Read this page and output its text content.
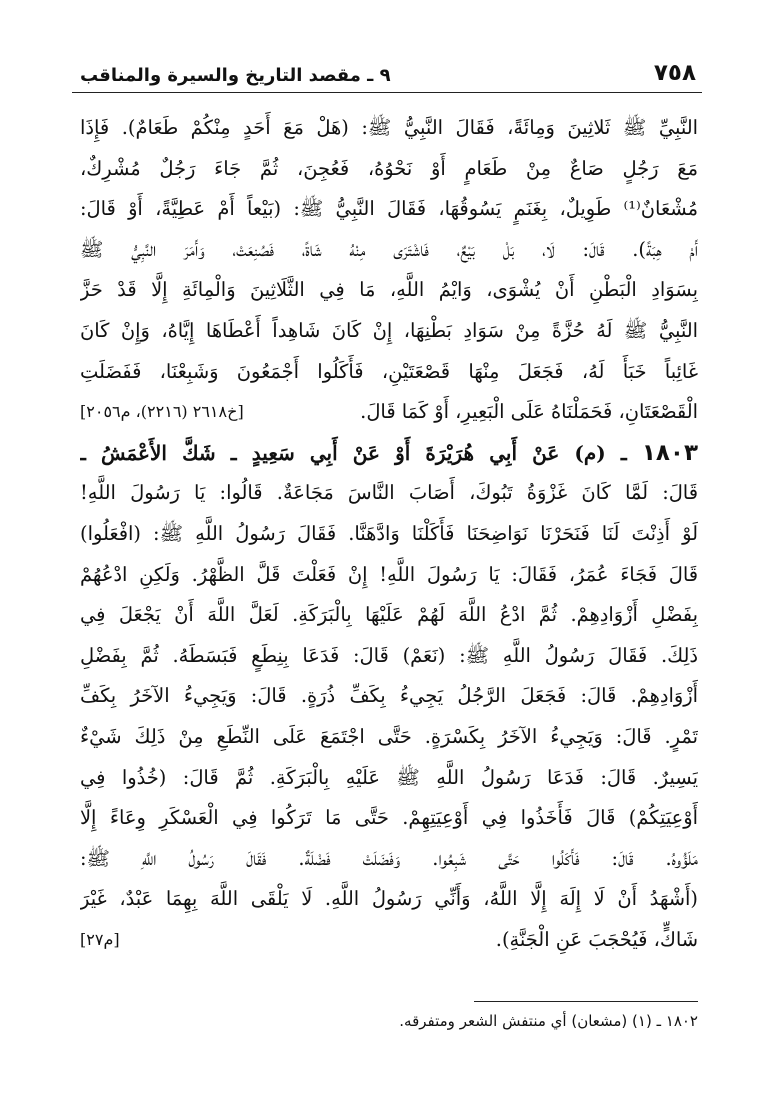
٧٥٨
٩ ـ مقصد التاريخ والسيرة والمناقب
النَّبِيِّ ﷺ ثَلاثِينَ وَمِائَةً، فَقَالَ النَّبِيُّ ﷺ: (هَلْ مَعَ أَحَدٍ مِنْكُمْ طَعَامٌ). فَإِذَا
مَعَ رَجُلٍ صَاعٌ مِنْ طَعَامٍ أَوْ نَحْوُهُ، فَعُجِنَ، ثُمَّ جَاءَ رَجُلٌ مُشْرِكٌ،
مُشْعَانٌ⁽¹⁾ طَوِيلٌ، بِغَنَمٍ يَسُوقُهَا، فَقَالَ النَّبِيُّ ﷺ: (بَيْعاً أَمْ عَطِيَّةً، أَوْ قَالَ:
أَمْ هِبَةً). قَالَ: لَا، بَلْ بَيْعٌ، فَاشْتَرَى مِنْهُ شَاةً، فَصُنِعَتْ، وَأَمَرَ النَّبِيُّ ﷺ
بِسَوَادِ الْبَطْنِ أَنْ يُشْوَى، وَايْمُ اللَّهِ، مَا فِي الثَّلَاثِينَ وَالْمِائَةِ إِلَّا قَدْ حَزَّ
النَّبِيُّ ﷺ لَهُ حُزَّةً مِنْ سَوَادِ بَطْنِهَا، إِنْ كَانَ شَاهِداً أَعْطَاهَا إِيَّاهُ، وَإِنْ كَانَ
غَائِباً خَبَأَ لَهُ، فَجَعَلَ مِنْهَا قَصْعَتَيْنِ، فَأَكَلُوا أَجْمَعُونَ وَشَبِعْنَا، فَفَضَلَتِ
الْقَصْعَتَانِ، فَحَمَلْنَاهُ عَلَى الْبَعِيرِ، أَوْ كَمَا قَالَ.
[خ٢٦١٨ (٢٢١٦)، م٢٠٥٦]
١٨٠٣ ـ (م) عَنْ أَبِي هُرَيْرَةَ أَوْ عَنْ أَبِي سَعِيدٍ ـ شَكَّ الأَعْمَشُ ـ
قَالَ: لَمَّا كَانَ غَزْوَةُ تَبُوكَ، أَصَابَ النَّاسَ مَجَاعَةٌ. قَالُوا: يَا رَسُولَ اللَّهِ!
لَوْ أَذِنْتَ لَنَا فَنَحَرْنَا نَوَاضِحَنَا فَأَكَلْنَا وَادَّهَنَّا. فَقَالَ رَسُولُ اللَّهِ ﷺ: (افْعَلُوا)
قَالَ فَجَاءَ عُمَرُ، فَقَالَ: يَا رَسُولَ اللَّهِ! إِنْ فَعَلْتَ قَلَّ الظَّهْرُ. وَلَكِنِ ادْعُهُمْ
بِفَضْلِ أَزْوَادِهِمْ. ثُمَّ ادْعُ اللَّهَ لَهُمْ عَلَيْهَا بِالْبَرَكَةِ. لَعَلَّ اللَّهَ أَنْ يَجْعَلَ فِي
ذَلِكَ. فَقَالَ رَسُولُ اللَّهِ ﷺ: (نَعَمْ) قَالَ: فَدَعَا بِنِطَعٍ فَبَسَطَهُ. ثُمَّ بِفَضْلِ
أَزْوَادِهِمْ. قَالَ: فَجَعَلَ الرَّجُلُ يَجِيءُ بِكَفِّ ذُرَةٍ. قَالَ: وَيَجِيءُ الآخَرُ بِكَفِّ
تَمْرٍ. قَالَ: وَيَجِيءُ الآخَرُ بِكَسْرَةٍ. حَتَّى اجْتَمَعَ عَلَى النِّطَعِ مِنْ ذَلِكَ شَيْءٌ
يَسِيرٌ. قَالَ: فَدَعَا رَسُولُ اللَّهِ ﷺ عَلَيْهِ بِالْبَرَكَةِ. ثُمَّ قَالَ: (خُذُوا فِي
أَوْعِيَتِكُمْ) قَالَ فَأَخَذُوا فِي أَوْعِيَتِهِمْ. حَتَّى مَا تَرَكُوا فِي الْعَسْكَرِ وِعَاءً إِلَّا
مَلَؤُوهُ. قَالَ: فَأَكَلُوا حَتَّى شَبِعُوا. وَفَضَلَتْ فَضْلَةٌ. فَقَالَ رَسُولُ اللَّهِ ﷺ:
(أَشْهَدُ أَنْ لَا إِلَهَ إِلَّا اللَّهُ، وَأَنِّي رَسُولُ اللَّهِ. لَا يَلْقَى اللَّهَ بِهِمَا عَبْدٌ، غَيْرَ
شَاكٍّ، فَيُحْجَبَ عَنِ الْجَنَّةِ).
[م٢٧]
١٨٠٢ ـ (١) (مشعان) أي منتفش الشعر ومتفرقه.
